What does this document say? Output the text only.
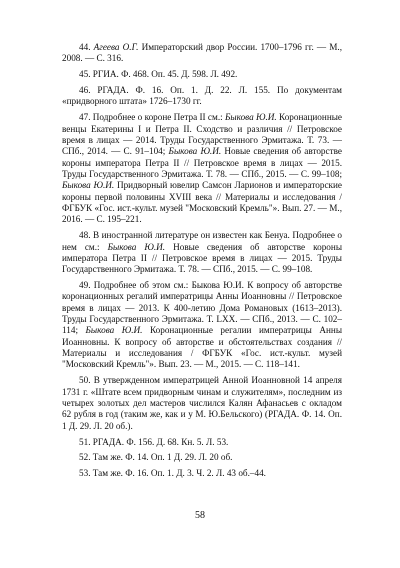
44. Агеева О.Г. Императорский двор России. 1700–1796 гг. — М., 2008. — С. 316.

45. РГИА. Ф. 468. Оп. 45. Д. 598. Л. 492.

46. РГАДА. Ф. 16. Оп. 1. Д. 22. Л. 155. По документам «придворного штата» 1726–1730 гг.

47. Подробнее о короне Петра II см.: Быкова Ю.И. Коронационные венцы Екатерины I и Петра II. Сходство и различия // Петровское время в лицах — 2014. Труды Государственного Эрмитажа. Т. 73. — СПб., 2014. — С. 91–104; Быкова Ю.И. Новые сведения об авторстве короны императора Петра II // Петровское время в лицах — 2015. Труды Государственного Эрмитажа. Т. 78. — СПб., 2015. — С. 99–108; Быкова Ю.И. Придворный ювелир Самсон Ларионов и императорские короны первой половины XVIII века // Материалы и исследования / ФГБУК «Гос. ист.-культ. музей "Московский Кремль"». Вып. 27. — М., 2016. — С. 195–221.

48. В иностранной литературе он известен как Бенуа. Подробнее о нем см.: Быкова Ю.И. Новые сведения об авторстве короны императора Петра II // Петровское время в лицах — 2015. Труды Государственного Эрмитажа. Т. 78. — СПб., 2015. — С. 99–108.

49. Подробнее об этом см.: Быкова Ю.И. К вопросу об авторстве коронационных регалий императрицы Анны Иоанновны // Петровское время в лицах — 2013. К 400-летию Дома Романовых (1613–2013). Труды Государственного Эрмитажа. Т. LXX. — СПб., 2013. — С. 102–114; Быкова Ю.И. Коронационные регалии императрицы Анны Иоанновны. К вопросу об авторстве и обстоятельствах создания // Материалы и исследования / ФГБУК «Гос. ист.-культ. музей "Московский Кремль"». Вып. 23. — М., 2015. — С. 118–141.

50. В утвержденном императрицей Анной Иоанновной 14 апреля 1731 г. «Штате всем придворным чинам и служителям», последним из четырех золотых дел мастеров числился Калян Афанасьев с окладом 62 рубля в год (таким же, как и у М. Ю.Бельского) (РГАДА. Ф. 14. Оп. 1 Д. 29. Л. 20 об.).

51. РГАДА. Ф. 156. Д. 68. Кн. 5. Л. 53.

52. Там же. Ф. 14. Оп. 1 Д. 29. Л. 20 об.

53. Там же. Ф. 16. Оп. 1. Д. 3. Ч. 2. Л. 43 об.–44.

58
